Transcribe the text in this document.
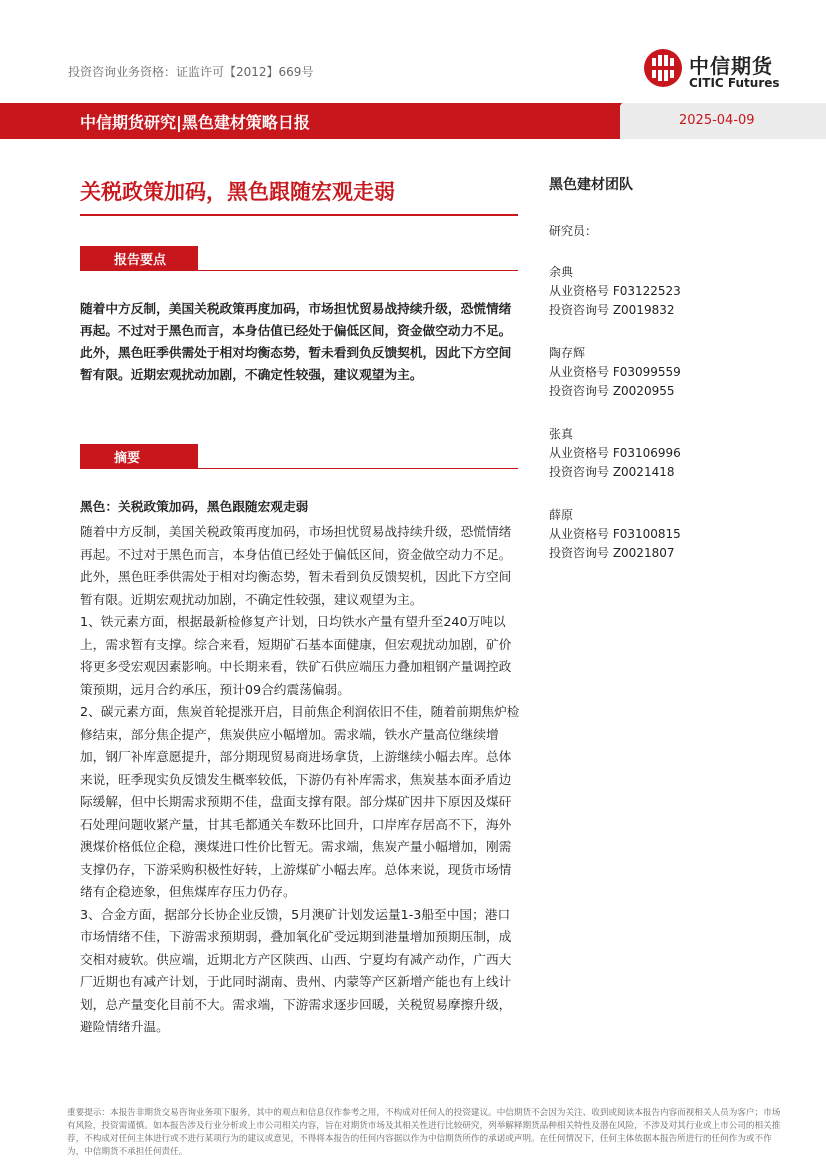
投资咨询业务资格：证监许可【2012】669号	中信期货
CITIC Futures
中信期货研究|黑色建材策略日报	2025-04-09
关税政策加码，黑色跟随宏观走弱
报告要点
随着中方反制，美国关税政策再度加码，市场担忧贸易战持续升级，恐慌情绪再起。不过对于黑色而言，本身估值已经处于偏低区间，资金做空动力不足。此外，黑色旺季供需处于相对均衡态势，暂未看到负反馈契机，因此下方空间暂有限。近期宏观扰动加剧，不确定性较强，建议观望为主。
摘要
黑色：关税政策加码，黑色跟随宏观走弱

随着中方反制，美国关税政策再度加码，市场担忧贸易战持续升级，恐慌情绪再起。不过对于黑色而言，本身估值已经处于偏低区间，资金做空动力不足。此外，黑色旺季供需处于相对均衡态势，暂未看到负反馈契机，因此下方空间暂有限。近期宏观扰动加剧，不确定性较强，建议观望为主。

1、铁元素方面，根据最新检修复产计划，日均铁水产量有望升至240万吨以上，需求暂有支撑。综合来看，短期矿石基本面健康，但宏观扰动加剧，矿价将更多受宏观因素影响。中长期来看，铁矿石供应端压力叠加粗钢产量调控政策预期，远月合约承压，预计09合约震荡偏弱。

2、碳元素方面，焦炭首轮提涨开启，目前焦企利润依旧不佳，随着前期焦炉检修结束，部分焦企提产，焦炭供应小幅增加。需求端，铁水产量高位继续增加，钢厂补库意愿提升，部分期现贸易商进场拿货，上游继续小幅去库。总体来说，旺季现实负反馈发生概率较低，下游仍有补库需求，焦炭基本面矛盾边际缓解，但中长期需求预期不佳，盘面支撑有限。部分煤矿因井下原因及煤矸石处理问题收紧产量，甘其毛都通关车数环比回升，口岸库存居高不下，海外澳煤价格低位企稳，澳煤进口性价比暂无。需求端，焦炭产量小幅增加，刚需支撑仍存，下游采购积极性好转，上游煤矿小幅去库。总体来说，现货市场情绪有企稳迹象，但焦煤库存压力仍存。

3、合金方面，据部分长协企业反馈，5月澳矿计划发运量1-3船至中国；港口市场情绪不佳，下游需求预期弱，叠加氧化矿受远期到港量增加预期压制，成交相对疲软。供应端，近期北方产区陕西、山西、宁夏均有减产动作，广西大厂近期也有减产计划，于此同时湖南、贵州、内蒙等产区新增产能也有上线计划，总产量变化目前不大。需求端，下游需求逐步回暖，关税贸易摩擦升级，避险情绪升温。

黑色建材团队
研究员：
余典
从业资格号 F03122523
投资咨询号 Z0019832
陶存辉
从业资格号 F03099559
投资咨询号 Z0020955
张真
从业资格号 F03106996
投资咨询号 Z0021418
薛原
从业资格号 F03100815
投资咨询号 Z0021807
重要提示：本报告非期货交易咨询业务项下服务，其中的观点和信息仅作参考之用，不构成对任何人的投资建议。中信期货不会因为关注、收到或阅读本报告内容而视相关人员为客户；市场有风险，投资需谨慎。如本报告涉及行业分析或上市公司相关内容，旨在对期货市场及其相关性进行比较研究，列举解释期货品种相关特性及潜在风险，不涉及对其行业或上市公司的相关推荐，不构成对任何主体进行或不进行某项行为的建议或意见，不得将本报告的任何内容据以作为中信期货所作的承诺或声明。在任何情况下，任何主体依据本报告所进行的任何作为或不作为，中信期货不承担任何责任。
